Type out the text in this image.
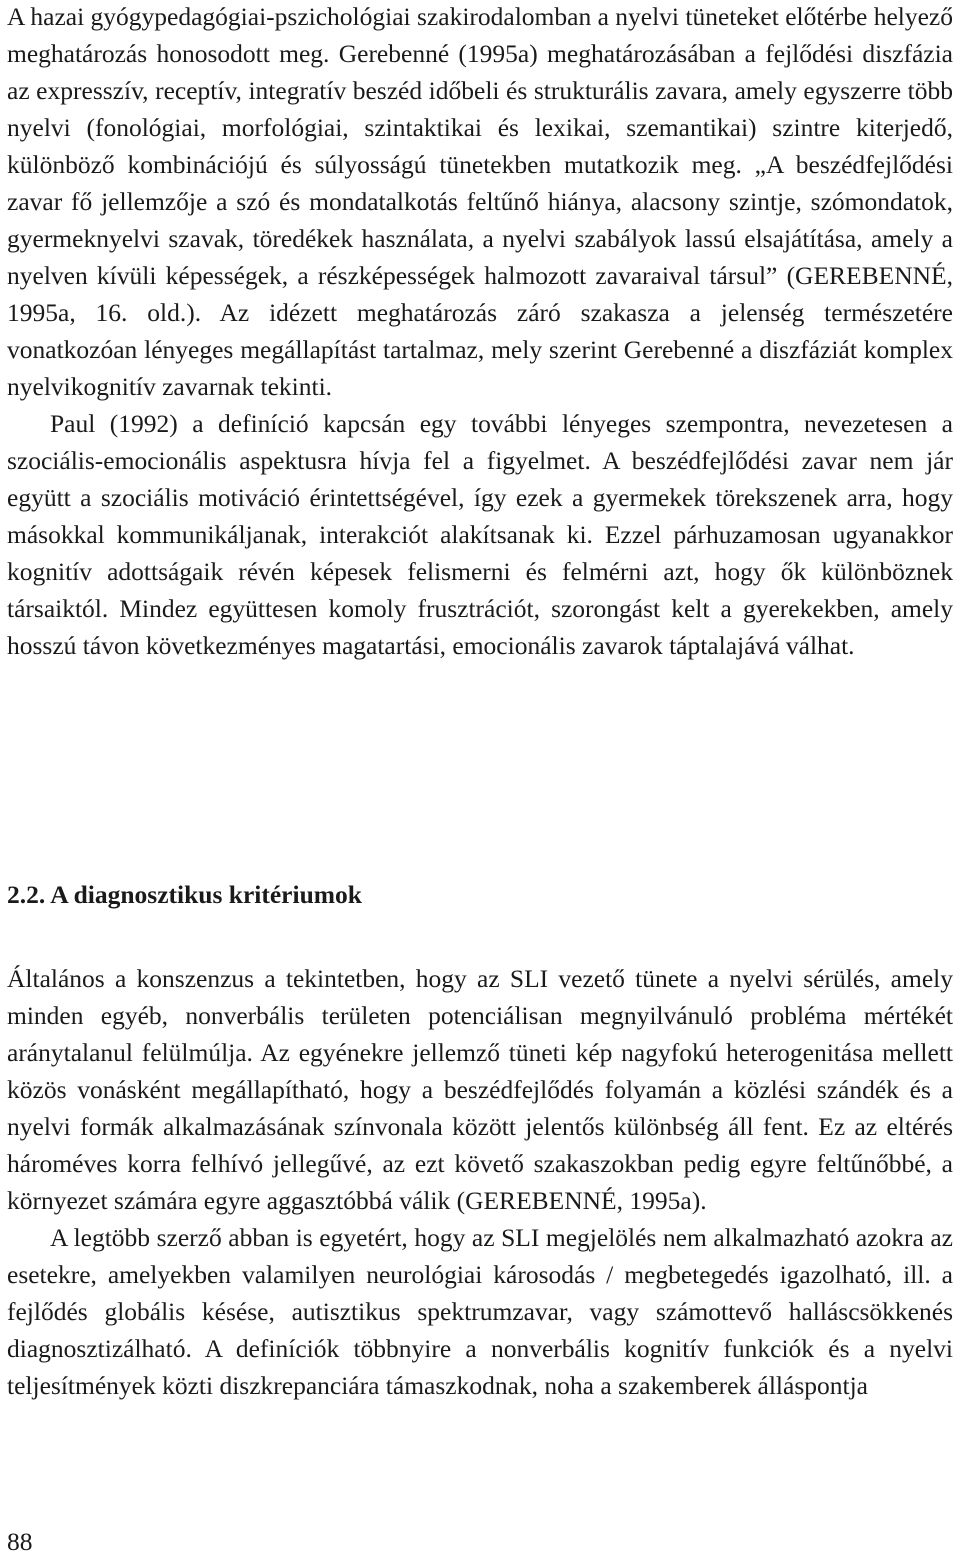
A hazai gyógypedagógiai-pszichológiai szakirodalomban a nyelvi tüneteket előtérbe helyező meghatározás honosodott meg. Gerebenné (1995a) meghatározásában a fejlődési diszfázia az expresszív, receptív, integratív beszéd időbeli és strukturális zavara, amely egyszerre több nyelvi (fonológiai, morfológiai, szintaktikai és lexikai, szemantikai) szintre kiterjedő, különböző kombinációjú és súlyosságú tünetekben mutatkozik meg. „A beszédfejlődési zavar fő jellemzője a szó és mondatalkotás feltűnő hiánya, alacsony szintje, szómondatok, gyermeknyelvi szavak, töredékek használata, a nyelvi szabályok lassú elsajátítása, amely a nyelven kívüli képességek, a részképességek halmozott zavaraival társul” (GEREBENNÉ, 1995a, 16. old.). Az idézett meghatározás záró szakasza a jelenség természetére vonatkozóan lényeges megállapítást tartalmaz, mely szerint Gerebenné a diszfáziát komplex nyelvikognitív zavarnak tekinti.

Paul (1992) a definíció kapcsán egy további lényeges szempontra, nevezetesen a szociális-emocionális aspektusra hívja fel a figyelmet. A beszédfejlődési zavar nem jár együtt a szociális motiváció érintettségével, így ezek a gyermekek törekszenek arra, hogy másokkal kommunikáljanak, interakciót alakítsanak ki. Ezzel párhuzamosan ugyanakkor kognitív adottságaik révén képesek felismerni és felmérni azt, hogy ők különböznek társaiktól. Mindez együttesen komoly frusztrációt, szorongást kelt a gyerekekben, amely hosszú távon következményes magatartási, emocionális zavarok táptalajává válhat.

2.2. A diagnosztikus kritériumok

Általános a konszenzus a tekintetben, hogy az SLI vezető tünete a nyelvi sérülés, amely minden egyéb, nonverbális területen potenciálisan megnyilvánuló probléma mértékét aránytalanul felülmúlja. Az egyénekre jellemző tüneti kép nagyfokú heterogenitása mellett közös vonásként megállapítható, hogy a beszédfejlődés folyamán a közlési szándék és a nyelvi formák alkalmazásának színvonala között jelentős különbség áll fent. Ez az eltérés hároméves korra felhívó jellegűvé, az ezt követő szakaszokban pedig egyre feltűnőbbé, a környezet számára egyre aggasztóbbá válik (GEREBENNÉ, 1995a).

A legtöbb szerző abban is egyetért, hogy az SLI megjelölés nem alkalmazható azokra az esetekre, amelyekben valamilyen neurológiai károsodás / megbetegedés igazolható, ill. a fejlődés globális késése, autisztikus spektrumzavar, vagy számottevő halláscsökkenés diagnosztizálható. A definíciók többnyire a nonverbális kognitív funkciók és a nyelvi teljesítmények közti diszkrepanciára támaszkodnak, noha a szakemberek álláspontja

88
